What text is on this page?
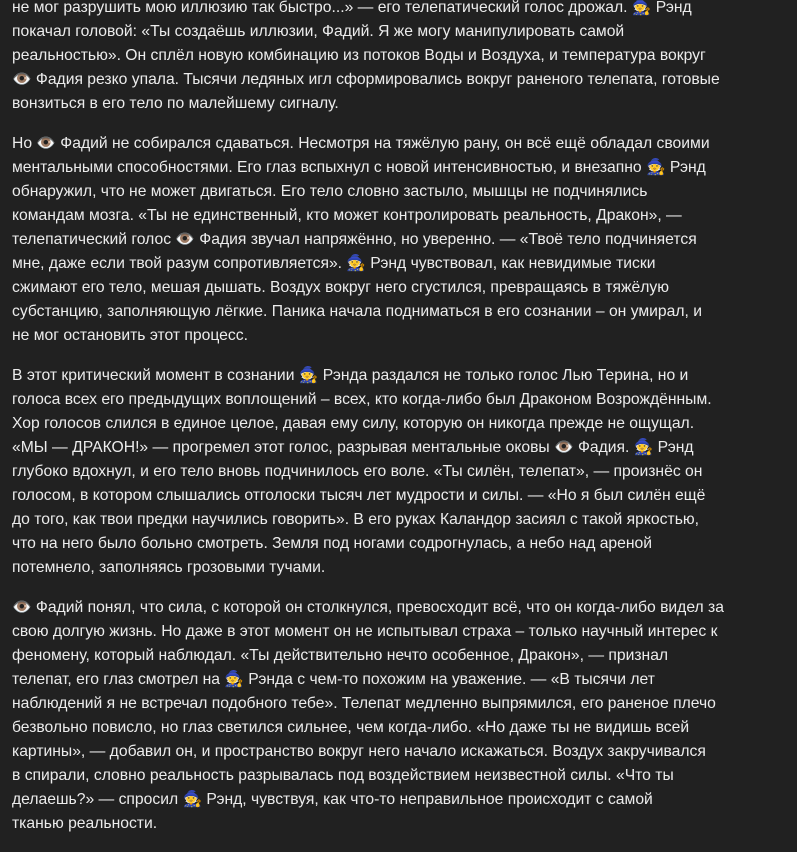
не мог разрушить мою иллюзию так быстро...» — его телепатический голос дрожал. 🧙 Рэнд
покачал головой: «Ты создаёшь иллюзии, Фадий. Я же могу манипулировать самой
реальностью». Он сплёл новую комбинацию из потоков Воды и Воздуха, и температура вокруг
👁️ Фадия резко упала. Тысячи ледяных игл сформировались вокруг раненого телепата, готовые
вонзиться в его тело по малейшему сигналу.
Но 👁️ Фадий не собирался сдаваться. Несмотря на тяжёлую рану, он всё ещё обладал своими
ментальными способностями. Его глаз вспыхнул с новой интенсивностью, и внезапно 🧙 Рэнд
обнаружил, что не может двигаться. Его тело словно застыло, мышцы не подчинялись
командам мозга. «Ты не единственный, кто может контролировать реальность, Дракон», —
телепатический голос 👁️ Фадия звучал напряжённо, но уверенно. — «Твоё тело подчиняется
мне, даже если твой разум сопротивляется». 🧙 Рэнд чувствовал, как невидимые тиски
сжимают его тело, мешая дышать. Воздух вокруг него сгустился, превращаясь в тяжёлую
субстанцию, заполняющую лёгкие. Паника начала подниматься в его сознании – он умирал, и
не мог остановить этот процесс.
В этот критический момент в сознании 🧙 Рэнда раздался не только голос Лью Терина, но и
голоса всех его предыдущих воплощений – всех, кто когда-либо был Драконом Возрождённым.
Хор голосов слился в единое целое, давая ему силу, которую он никогда прежде не ощущал.
«МЫ — ДРАКОН!» — прогремел этот голос, разрывая ментальные оковы 👁️ Фадия. 🧙 Рэнд
глубоко вдохнул, и его тело вновь подчинилось его воле. «Ты силён, телепат», — произнёс он
голосом, в котором слышались отголоски тысяч лет мудрости и силы. — «Но я был силён ещё
до того, как твои предки научились говорить». В его руках Каландор засиял с такой яркостью,
что на него было больно смотреть. Земля под ногами содрогнулась, а небо над ареной
потемнело, заполняясь грозовыми тучами.
👁️ Фадий понял, что сила, с которой он столкнулся, превосходит всё, что он когда-либо видел за
свою долгую жизнь. Но даже в этот момент он не испытывал страха – только научный интерес к
феномену, который наблюдал. «Ты действительно нечто особенное, Дракон», — признал
телепат, его глаз смотрел на 🧙 Рэнда с чем-то похожим на уважение. — «В тысячи лет
наблюдений я не встречал подобного тебе». Телепат медленно выпрямился, его раненое плечо
безвольно повисло, но глаз светился сильнее, чем когда-либо. «Но даже ты не видишь всей
картины», — добавил он, и пространство вокруг него начало искажаться. Воздух закручивался
в спирали, словно реальность разрывалась под воздействием неизвестной силы. «Что ты
делаешь?» — спросил 🧙 Рэнд, чувствуя, как что-то неправильное происходит с самой
тканью реальности.
